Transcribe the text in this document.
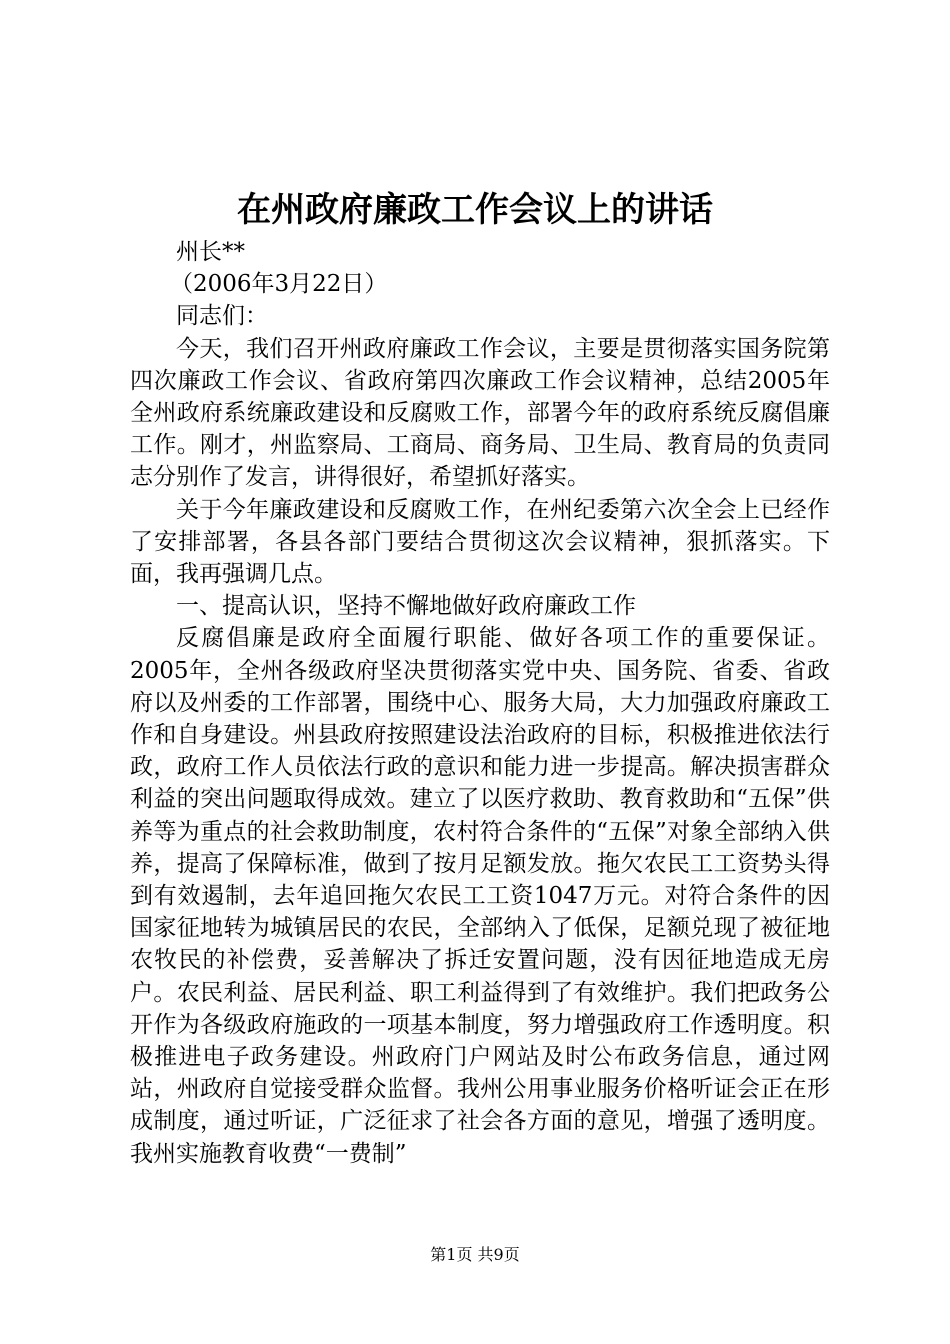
在州政府廉政工作会议上的讲话

州长**

（2006年3月22日）

同志们：

今天，我们召开州政府廉政工作会议，主要是贯彻落实国务院第四次廉政工作会议、省政府第四次廉政工作会议精神，总结2005年全州政府系统廉政建设和反腐败工作，部署今年的政府系统反腐倡廉工作。刚才，州监察局、工商局、商务局、卫生局、教育局的负责同志分别作了发言，讲得很好，希望抓好落实。

关于今年廉政建设和反腐败工作，在州纪委第六次全会上已经作了安排部署，各县各部门要结合贯彻这次会议精神，狠抓落实。下面，我再强调几点。

一、提高认识，坚持不懈地做好政府廉政工作

反腐倡廉是政府全面履行职能、做好各项工作的重要保证。2005年，全州各级政府坚决贯彻落实党中央、国务院、省委、省政府以及州委的工作部署，围绕中心、服务大局，大力加强政府廉政工作和自身建设。州县政府按照建设法治政府的目标，积极推进依法行政，政府工作人员依法行政的意识和能力进一步提高。解决损害群众利益的突出问题取得成效。建立了以医疗救助、教育救助和“五保”供养等为重点的社会救助制度，农村符合条件的“五保”对象全部纳入供养，提高了保障标准，做到了按月足额发放。拖欠农民工工资势头得到有效遏制，去年追回拖欠农民工工资1047万元。对符合条件的因国家征地转为城镇居民的农民，全部纳入了低保，足额兑现了被征地农牧民的补偿费，妥善解决了拆迁安置问题，没有因征地造成无房户。农民利益、居民利益、职工利益得到了有效维护。我们把政务公开作为各级政府施政的一项基本制度，努力增强政府工作透明度。积极推进电子政务建设。州政府门户网站及时公布政务信息，通过网站，州政府自觉接受群众监督。我州公用事业服务价格听证会正在形成制度，通过听证，广泛征求了社会各方面的意见，增强了透明度。我州实施教育收费“一费制”

第1页 共9页
